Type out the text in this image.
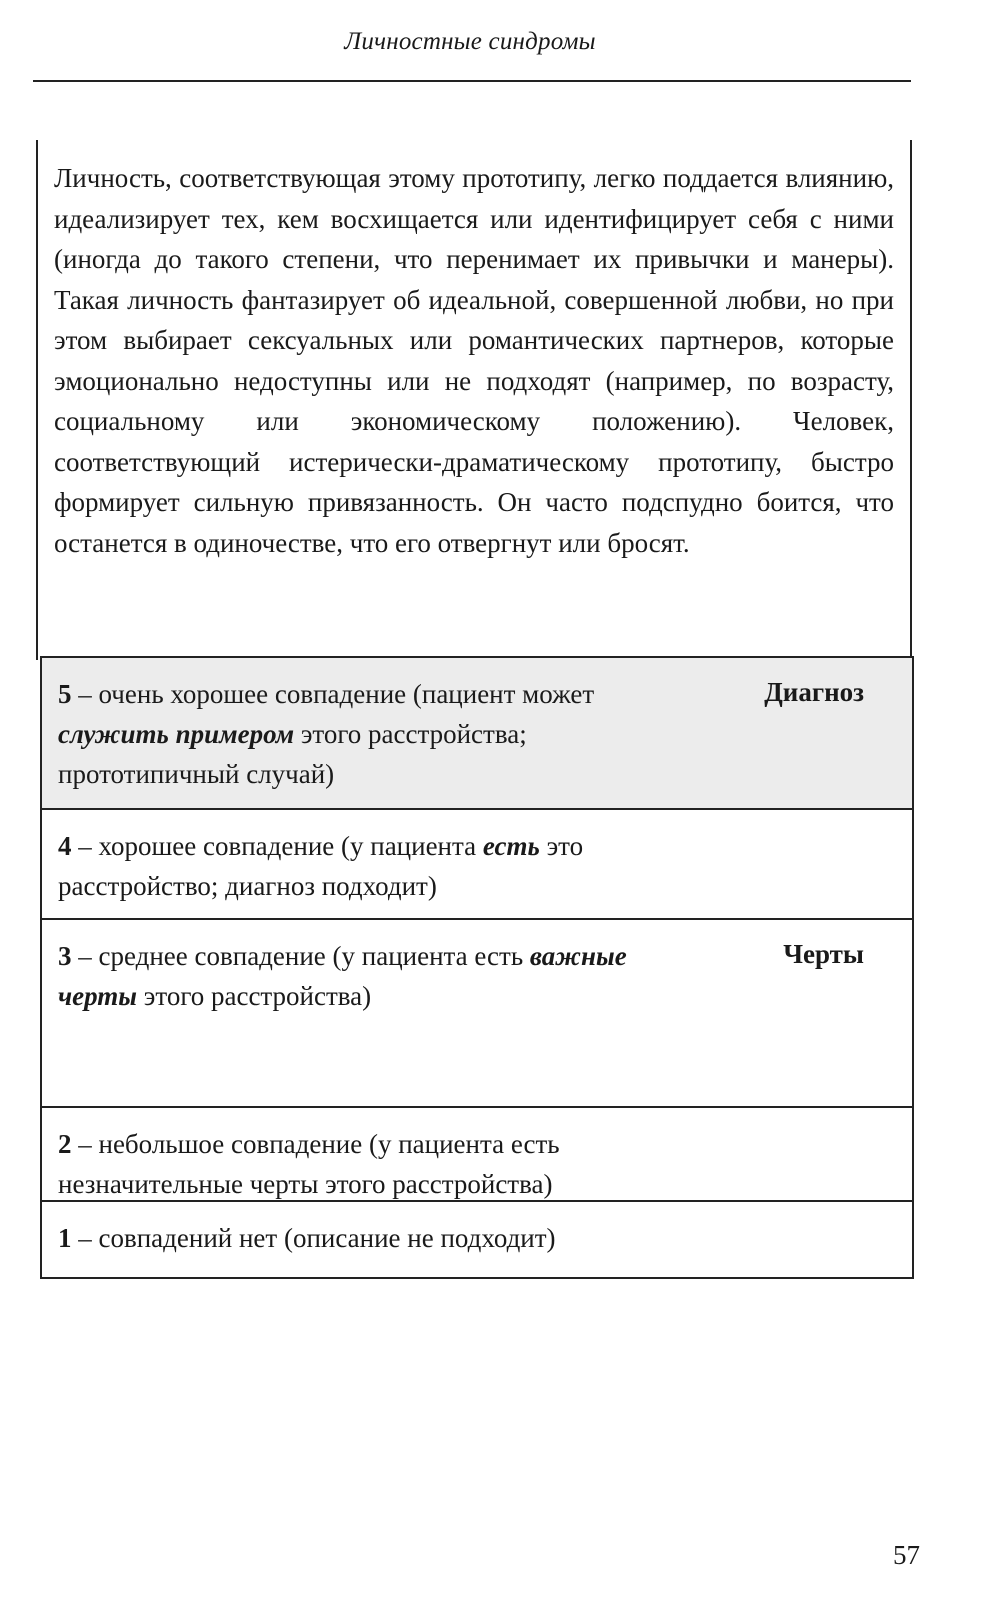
Личностные синдромы
Личность, соответствующая этому прототипу, легко поддается влиянию, идеализирует тех, кем восхищается или идентифицирует себя с ними (иногда до такого степени, что перенимает их привычки и манеры). Такая личность фантазирует об идеальной, совершенной любви, но при этом выбирает сексуальных или романтических партнеров, которые эмоционально недоступны или не подходят (например, по возрасту, социальному или экономическому положению). Человек, соответствующий истерически-драматическому прототипу, быстро формирует сильную привязанность. Он часто подспудно боится, что останется в одиночестве, что его отвергнут или бросят.
5 – очень хорошее совпадение (пациент может служить примером этого расстройства; прототипичный случай)
Диагноз
4 – хорошее совпадение (у пациента есть это расстройство; диагноз подходит)
3 – среднее совпадение (у пациента есть важные черты этого расстройства)
Черты
2 – небольшое совпадение (у пациента есть незначительные черты этого расстройства)
1 – совпадений нет (описание не подходит)
57
